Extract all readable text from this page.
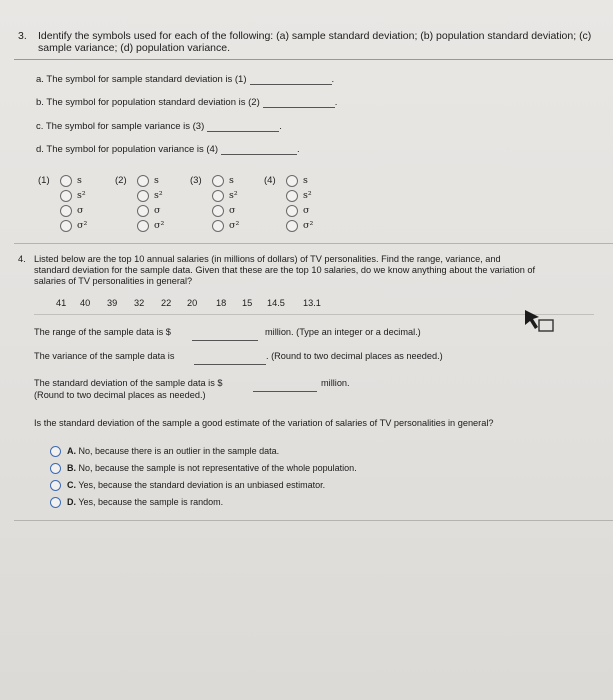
3. Identify the symbols used for each of the following: (a) sample standard deviation; (b) population standard deviation; (c)
sample variance; (d) population variance.
a. The symbol for sample standard deviation is (1)	.
b. The symbol for population standard deviation is (2)	.
c. The symbol for sample variance is (3)	.
d. The symbol for population variance is (4)	.
(1)	s
s²
σ
σ²
(2)	s
s²
σ
σ²
(3)	s
s²
σ
σ²
(4)	s
s²
σ
σ²
4. Listed below are the top 10 annual salaries (in millions of dollars) of TV personalities. Find the range, variance, and
standard deviation for the sample data. Given that these are the top 10 salaries, do we know anything about the variation of
salaries of TV personalities in general?
41 40 39 32 22 20 18 15 14.5 13.1
The range of the sample data is $	million. (Type an integer or a decimal.)
The variance of the sample data is	. (Round to two decimal places as needed.)
The standard deviation of the sample data is $	million.
(Round to two decimal places as needed.)
Is the standard deviation of the sample a good estimate of the variation of salaries of TV personalities in general?
A. No, because there is an outlier in the sample data.
B. No, because the sample is not representative of the whole population.
C. Yes, because the standard deviation is an unbiased estimator.
D. Yes, because the sample is random.
